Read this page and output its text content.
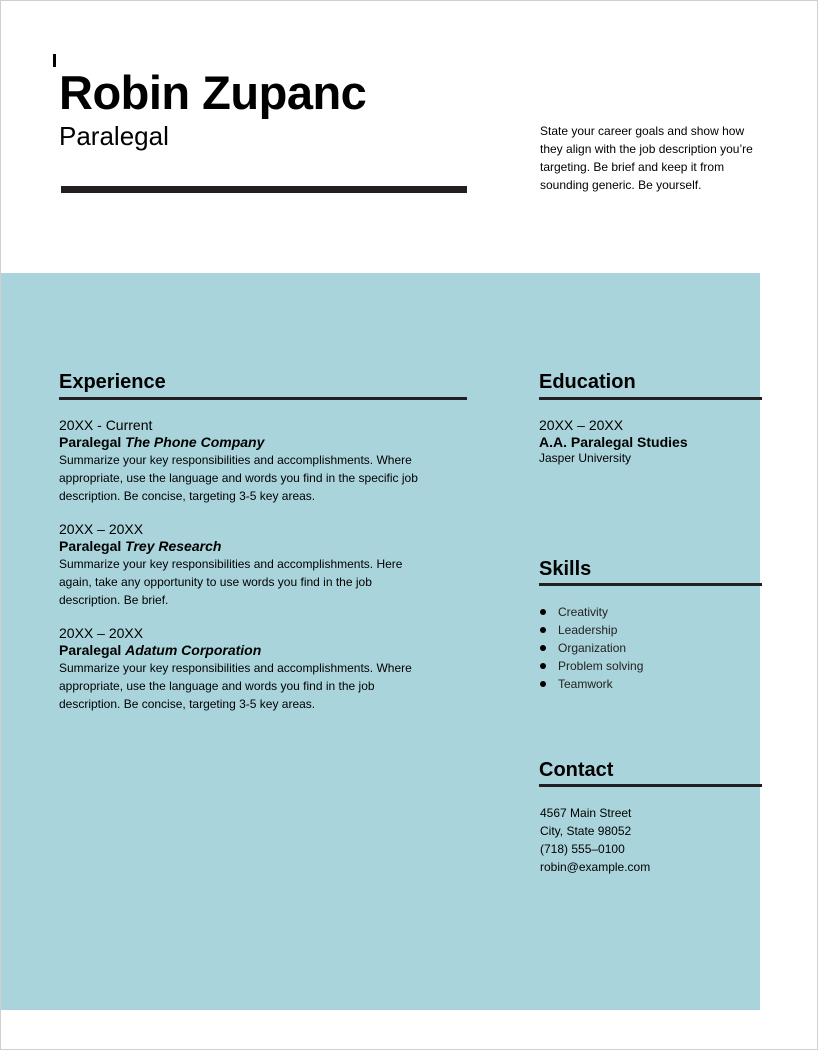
Robin Zupanc
Paralegal	State your career goals and show how they align with the job description you’re targeting. Be brief and keep it from sounding generic. Be yourself.
Experience
20XX - Current
Paralegal The Phone Company
Summarize your key responsibilities and accomplishments. Where appropriate, use the language and words you find in the specific job description. Be concise, targeting 3-5 key areas.
20XX – 20XX
Paralegal Trey Research
Summarize your key responsibilities and accomplishments. Here again, take any opportunity to use words you find in the job description. Be brief.
20XX – 20XX
Paralegal Adatum Corporation
Summarize your key responsibilities and accomplishments. Where appropriate, use the language and words you find in the job description. Be concise, targeting 3-5 key areas.
Education
20XX – 20XX
A.A. Paralegal Studies
Jasper University
Skills
Creativity
Leadership
Organization
Problem solving
Teamwork
Contact
4567 Main Street
City, State 98052
(718) 555–0100
robin@example.com
